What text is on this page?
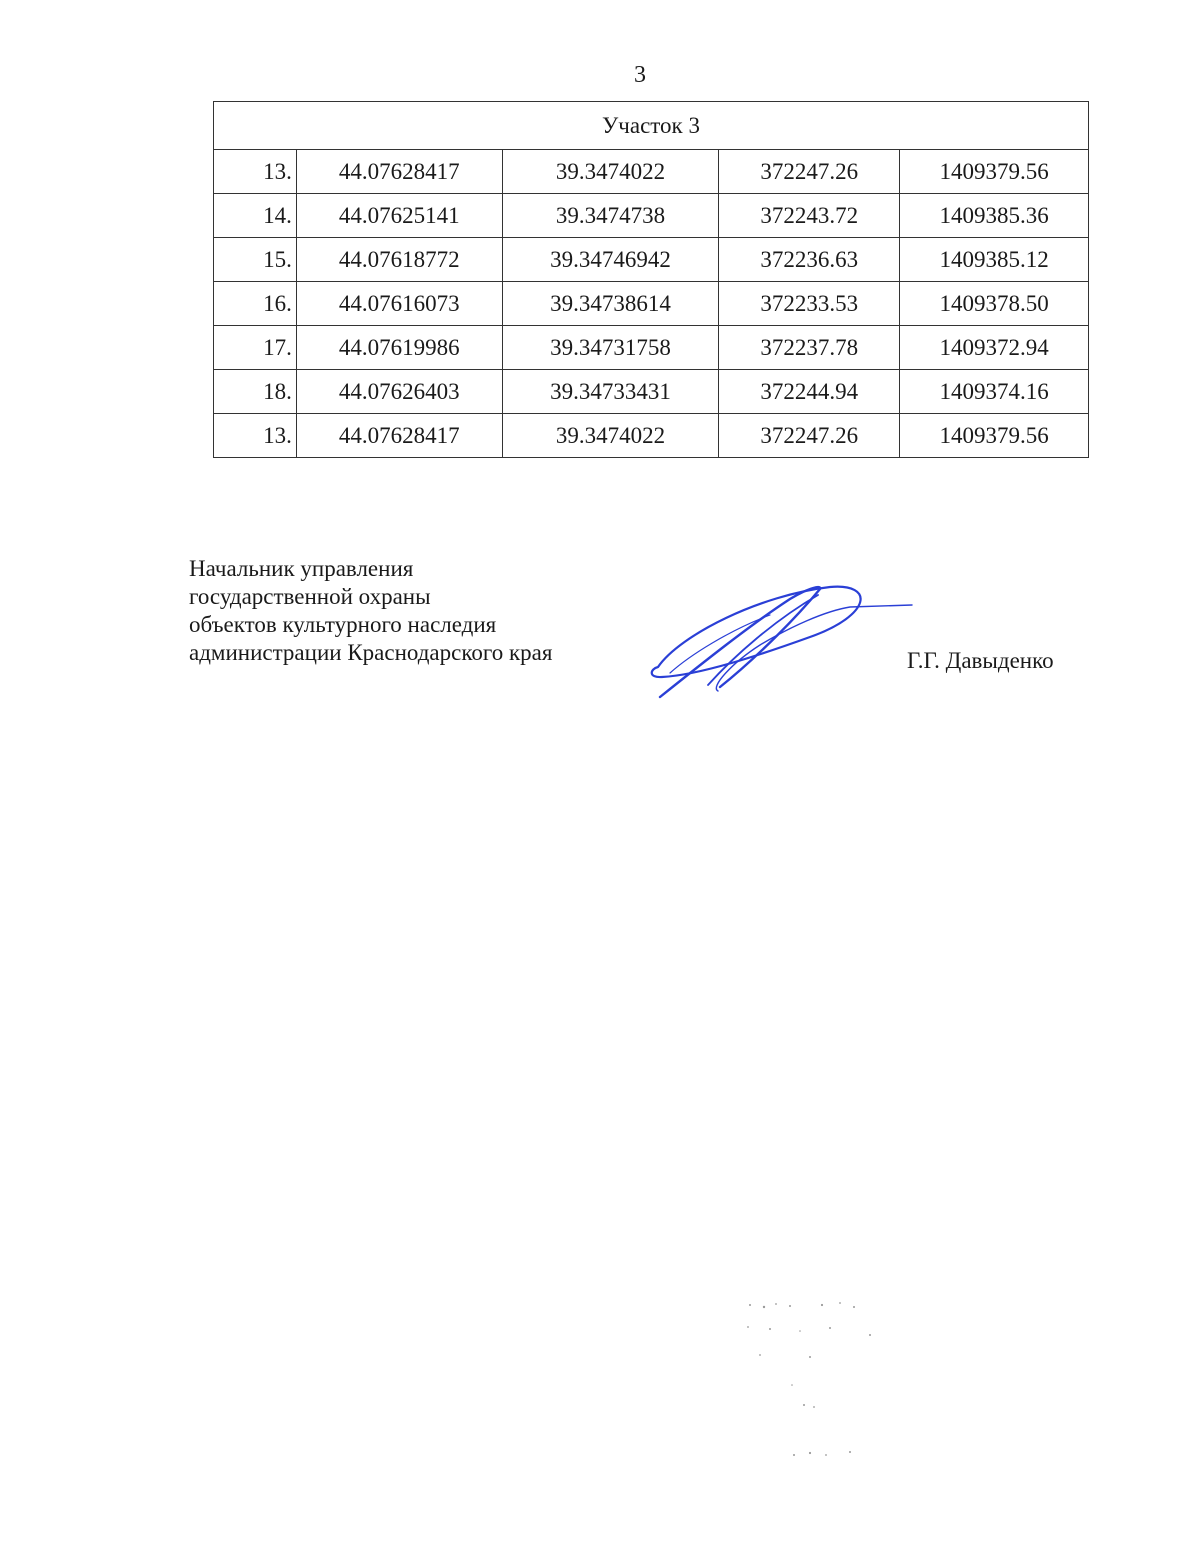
3
Участок 3				
13.	44.07628417	39.3474022	372247.26	1409379.56
14.	44.07625141	39.3474738	372243.72	1409385.36
15.	44.07618772	39.34746942	372236.63	1409385.12
16.	44.07616073	39.34738614	372233.53	1409378.50
17.	44.07619986	39.34731758	372237.78	1409372.94
18.	44.07626403	39.34733431	372244.94	1409374.16
13.	44.07628417	39.3474022	372247.26	1409379.56
Начальник управления
государственной охраны
объектов культурного наследия
администрации Краснодарского края	Г.Г. Давыденко
